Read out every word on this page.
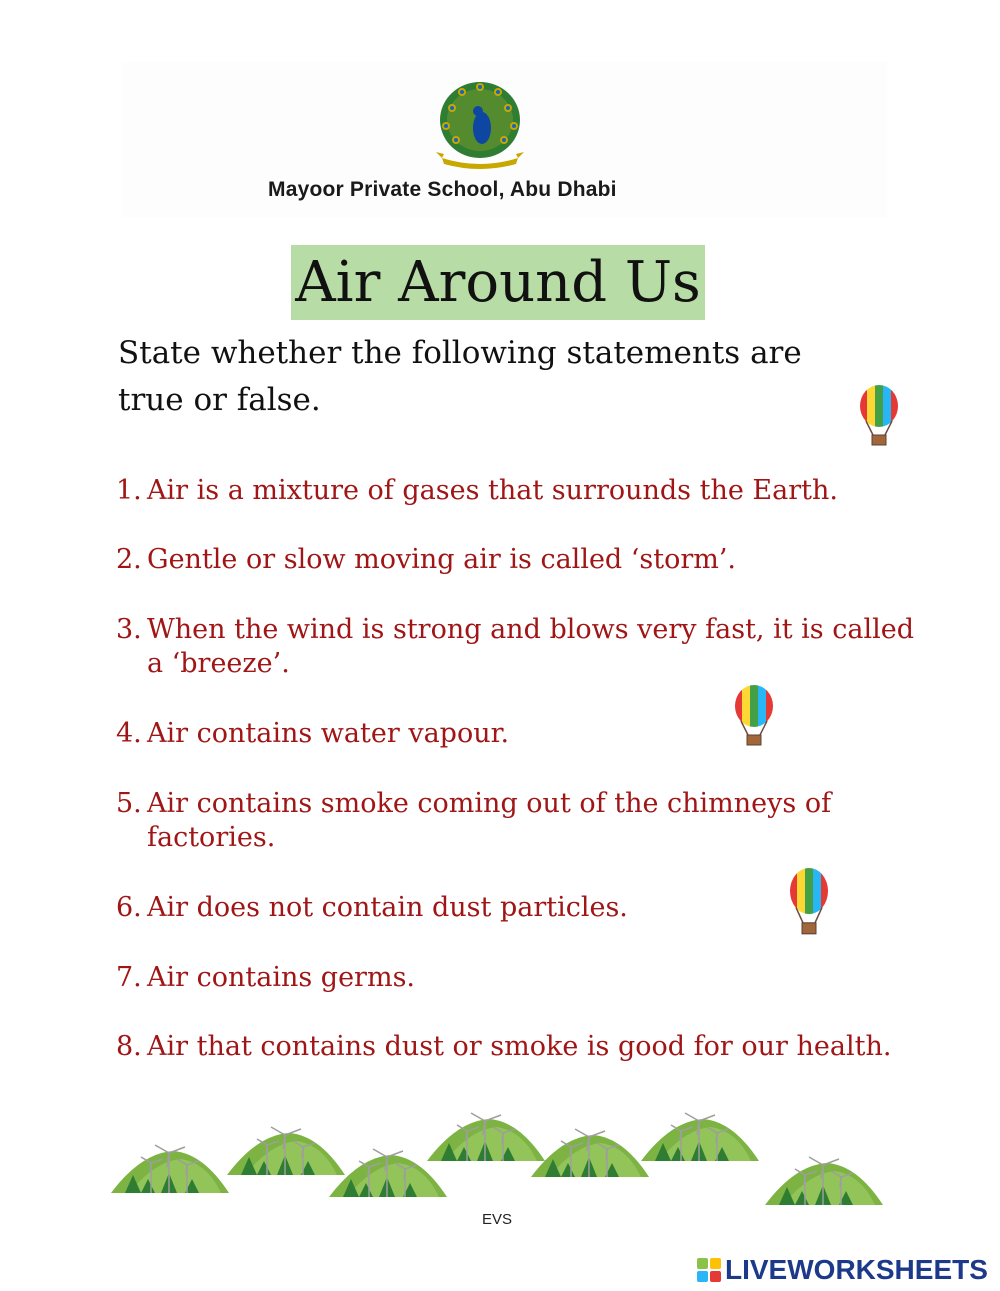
Mayoor Private School, Abu Dhabi
Air Around Us
State whether the following statements are true or false.
1. Air is a mixture of gases that surrounds the Earth.
2. Gentle or slow moving air is called ‘storm’.
3. When the wind is strong and blows very fast, it is called a ‘breeze’.
4. Air contains water vapour.
5. Air contains smoke coming out of the chimneys of factories.
6. Air does not contain dust particles.
7. Air contains germs.
8. Air that contains dust or smoke is good for our health.
EVS
LIVEWORKSHEETS
